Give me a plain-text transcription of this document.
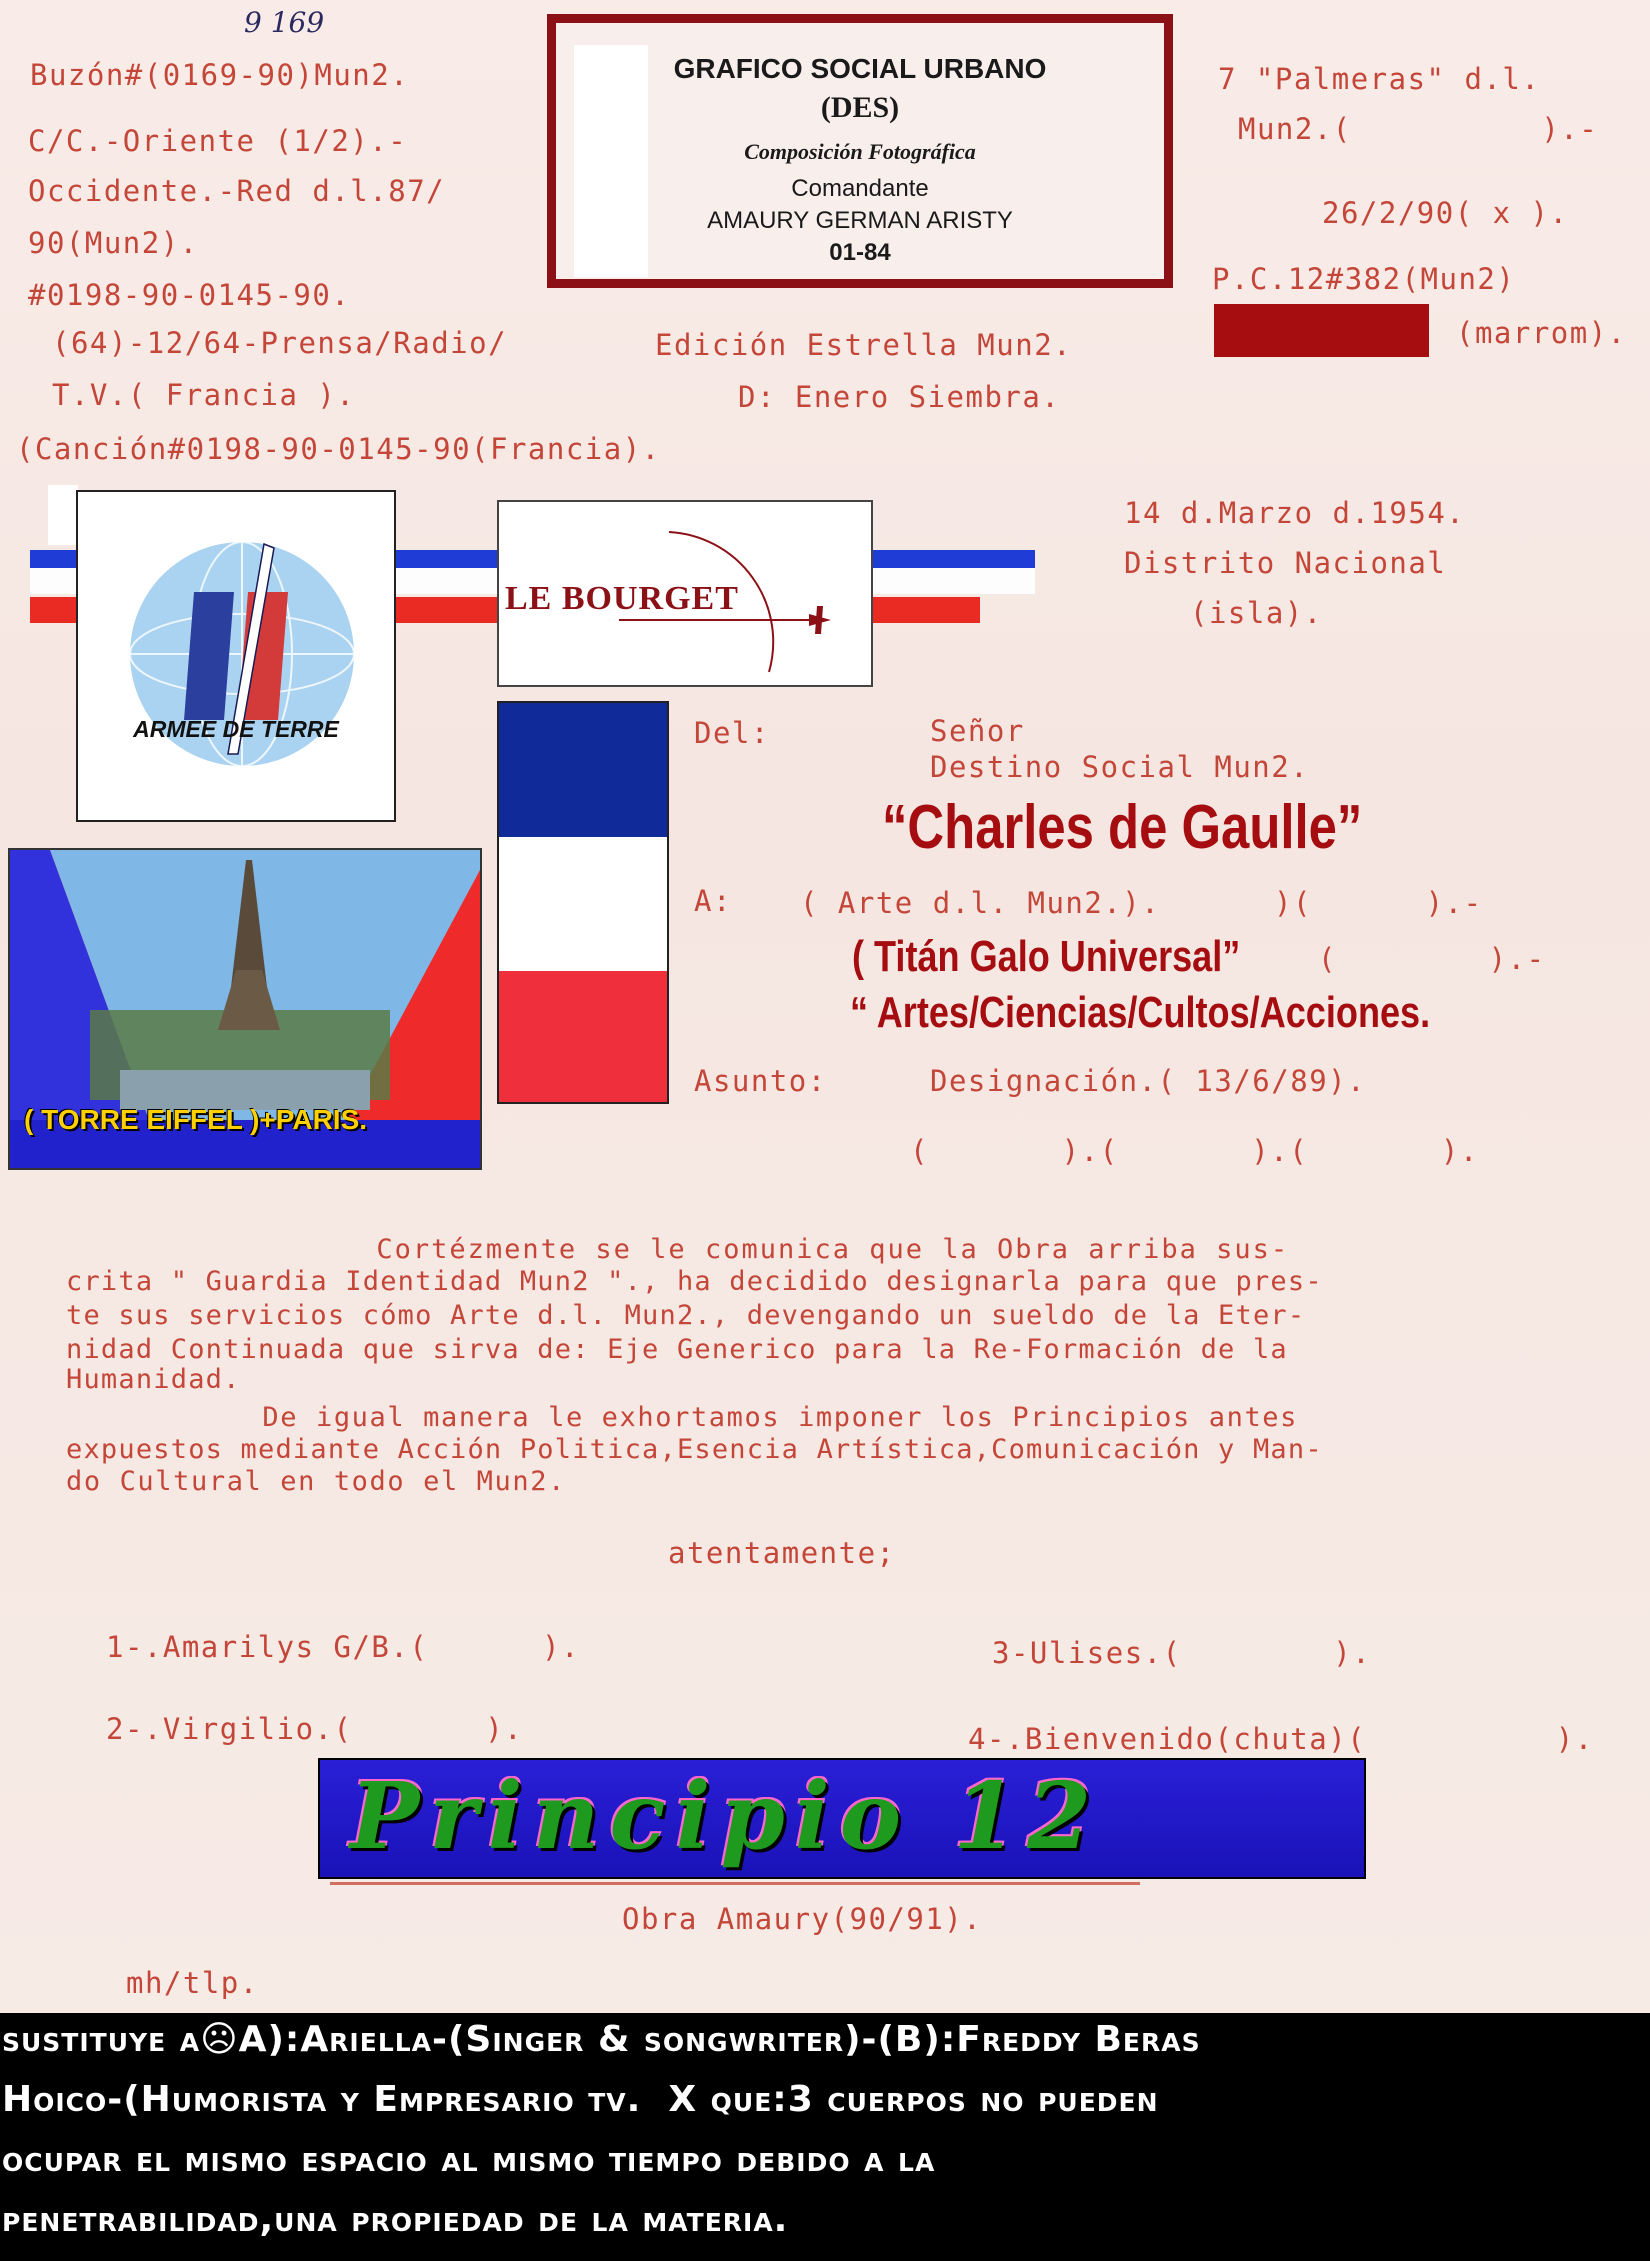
9 169
Buzón#(0169-90)Mun2.
C/C.-Oriente (1/2).-
Occidente.-Red d.l.87/
90(Mun2).
#0198-90-0145-90.
(64)-12/64-Prensa/Radio/
T.V.( Francia ).
(Canción#0198-90-0145-90(Francia).
GRAFICO SOCIAL URBANO
(DES)
Composición Fotográfica
Comandante
AMAURY GERMAN ARISTY
01-84
Edición Estrella Mun2.
D: Enero Siembra.
7 "Palmeras" d.l.
Mun2.(          ).-
26/2/90( x ).
P.C.12#382(Mun2)
(marrom).
ARMEE DE TERRE
LE BOURGET
( TORRE EIFFEL )+PARIS.
14 d.Marzo d.1954.
Distrito Nacional
(isla).
Del:	Señor
Destino Social Mun2.
“Charles de Gaulle”
A: ( Arte d.l. Mun2.).      )(      ).-
( Titán Galo Universal”	(        ).-
“ Artes/Ciencias/Cultos/Acciones.
Asunto:	Designación.( 13/6/89).
(       ).(       ).(       ).
Cortézmente se le comunica que la Obra arriba sus-
crita " Guardia Identidad Mun2 "., ha decidido designarla para que pres-
te sus servicios cómo Arte d.l. Mun2., devengando un sueldo de la Eter-
nidad Continuada que sirva de: Eje Generico para la Re-Formación de la
Humanidad.
De igual manera le exhortamos imponer los Principios antes
expuestos mediante Acción Politica,Esencia Artística,Comunicación y Man-
do Cultural en todo el Mun2.
atentamente;
1-.Amarilys G/B.(      ).	3-Ulises.(        ).
2-.Virgilio.(       ).	4-.Bienvenido(chuta)(          ).
Principio 12
Obra Amaury(90/91).
mh/tlp.
sustituye a☹A):Ariella-(Singer & songwriter)-(B):Freddy Beras
Hoico-(Humorista y Empresario tv.  X que:3 cuerpos no pueden
ocupar el mismo espacio al mismo tiempo debido a la
penetrabilidad,una propiedad de la materia.
